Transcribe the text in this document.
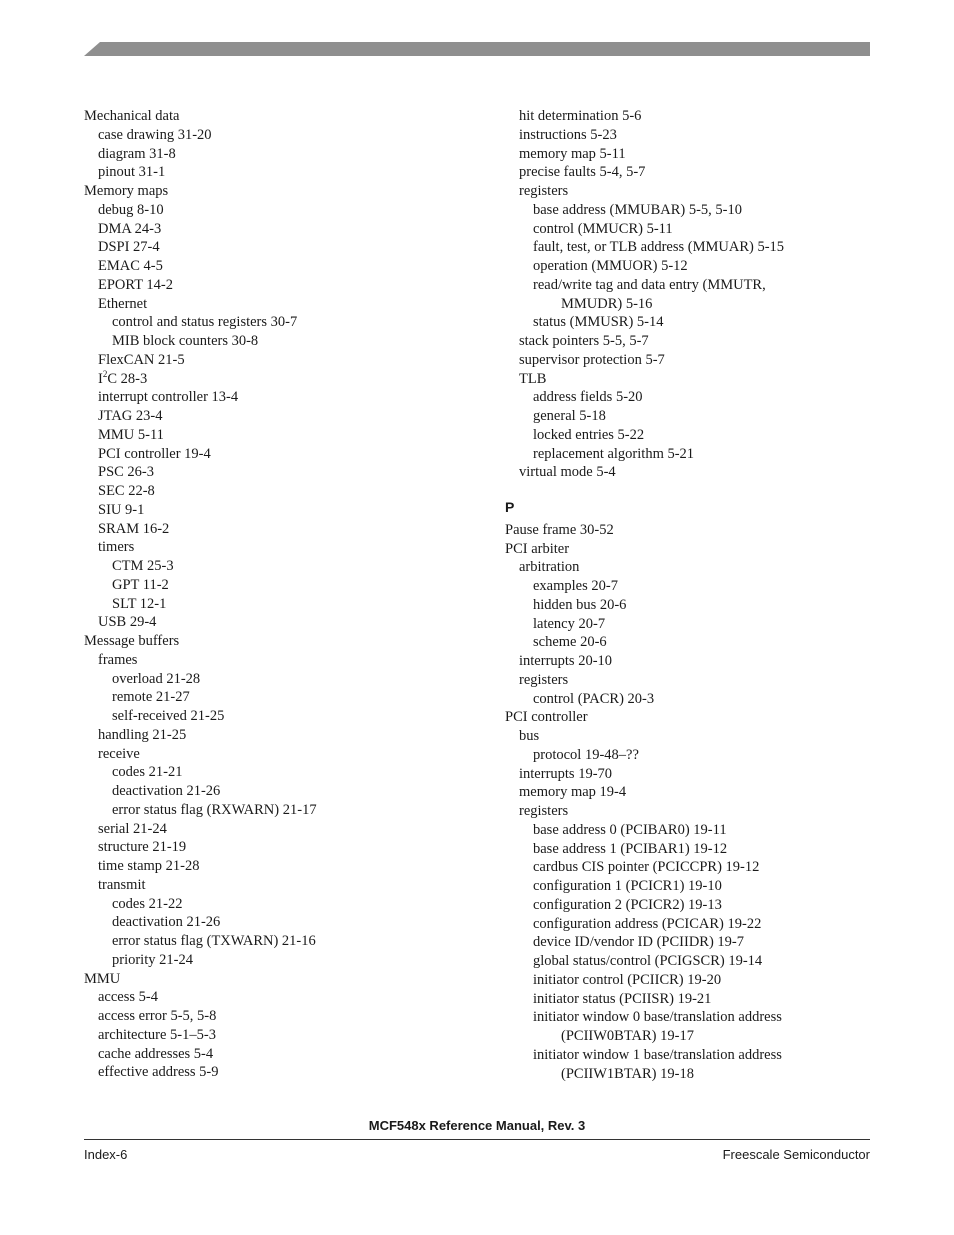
Mechanical data
case drawing 31-20
diagram 31-8
pinout 31-1
Memory maps
debug 8-10
DMA 24-3
DSPI 27-4
EMAC 4-5
EPORT 14-2
Ethernet
control and status registers 30-7
MIB block counters 30-8
FlexCAN 21-5
$I^2C$ 28-3
interrupt controller 13-4
JTAG 23-4
MMU 5-11
PCI controller 19-4
PSC 26-3
SEC 22-8
SIU 9-1
SRAM 16-2
timers
CTM 25-3
GPT 11-2
SLT 12-1
USB 29-4
Message buffers
frames
overload 21-28
remote 21-27
self-received 21-25
handling 21-25
receive
codes 21-21
deactivation 21-26
error status flag (RXWARN) 21-17
serial 21-24
structure 21-19
time stamp 21-28
transmit
codes 21-22
deactivation 21-26
error status flag (TXWARN) 21-16
priority 21-24
MMU
access 5-4
access error 5-5, 5-8
architecture 5-1–5-3
cache addresses 5-4
effective address 5-9
hit determination 5-6
instructions 5-23
memory map 5-11
precise faults 5-4, 5-7
registers
base address (MMUBAR) 5-5, 5-10
control (MMUCR) 5-11
fault, test, or TLB address (MMUAR) 5-15
operation (MMUOR) 5-12
read/write tag and data entry (MMUTR,
MMUDR) 5-16
status (MMUSR) 5-14
stack pointers 5-5, 5-7
supervisor protection 5-7
TLB
address fields 5-20
general 5-18
locked entries 5-22
replacement algorithm 5-21
virtual mode 5-4
P
Pause frame 30-52
PCI arbiter
arbitration
examples 20-7
hidden bus 20-6
latency 20-7
scheme 20-6
interrupts 20-10
registers
control (PACR) 20-3
PCI controller
bus
protocol 19-48–??
interrupts 19-70
memory map 19-4
registers
base address 0 (PCIBAR0) 19-11
base address 1 (PCIBAR1) 19-12
cardbus CIS pointer (PCICCPR) 19-12
configuration 1 (PCICR1) 19-10
configuration 2 (PCICR2) 19-13
configuration address (PCICAR) 19-22
device ID/vendor ID (PCIIDR) 19-7
global status/control (PCIGSCR) 19-14
initiator control (PCIICR) 19-20
initiator status (PCIISR) 19-21
initiator window 0 base/translation address
(PCIIW0BTAR) 19-17
initiator window 1 base/translation address
(PCIIW1BTAR) 19-18
MCF548x Reference Manual, Rev. 3
Index-6	Freescale Semiconductor
